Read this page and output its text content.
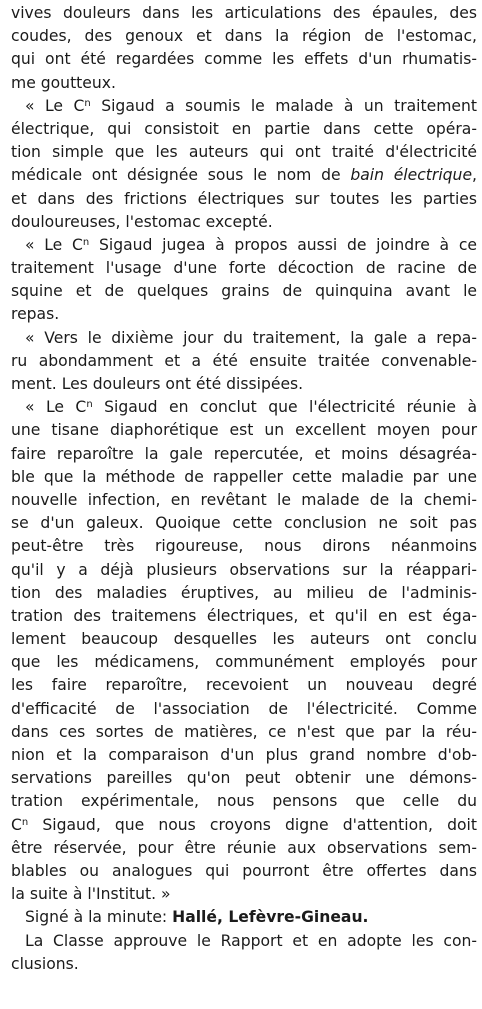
vives douleurs dans les articulations des épaules, des
coudes, des genoux et dans la région de l'estomac,
qui ont été regardées comme les effets d'un rhumatis-
me goutteux.
« Le $C^n$ Sigaud a soumis le malade à un traitement
électrique, qui consistoit en partie dans cette opéra-
tion simple que les auteurs qui ont traité d'électricité
médicale ont désignée sous le nom de bain électrique,
et dans des frictions électriques sur toutes les parties
douloureuses, l'estomac excepté.
« Le $C^n$ Sigaud jugea à propos aussi de joindre à ce
traitement l'usage d'une forte décoction de racine de
squine et de quelques grains de quinquina avant le
repas.
« Vers le dixième jour du traitement, la gale a repa-
ru abondamment et a été ensuite traitée convenable-
ment. Les douleurs ont été dissipées.
« Le $C^n$ Sigaud en conclut que l'électricité réunie à
une tisane diaphorétique est un excellent moyen pour
faire reparoître la gale repercutée, et moins désagréa-
ble que la méthode de rappeller cette maladie par une
nouvelle infection, en revêtant le malade de la chemi-
se d'un galeux. Quoique cette conclusion ne soit pas
peut-être très rigoureuse, nous dirons néanmoins
qu'il y a déjà plusieurs observations sur la réappari-
tion des maladies éruptives, au milieu de l'adminis-
tration des traitemens électriques, et qu'il en est éga-
lement beaucoup desquelles les auteurs ont conclu
que les médicamens, communément employés pour
les faire reparoître, recevoient un nouveau degré
d'efficacité de l'association de l'électricité. Comme
dans ces sortes de matières, ce n'est que par la réu-
nion et la comparaison d'un plus grand nombre d'ob-
servations pareilles qu'on peut obtenir une démons-
tration expérimentale, nous pensons que celle du
$C^n$ Sigaud, que nous croyons digne d'attention, doit
être réservée, pour être réunie aux observations sem-
blables ou analogues qui pourront être offertes dans
la suite à l'Institut. »
Signé à la minute: Hallé, Lefèvre-Gineau.
La Classe approuve le Rapport et en adopte les con-
clusions.
